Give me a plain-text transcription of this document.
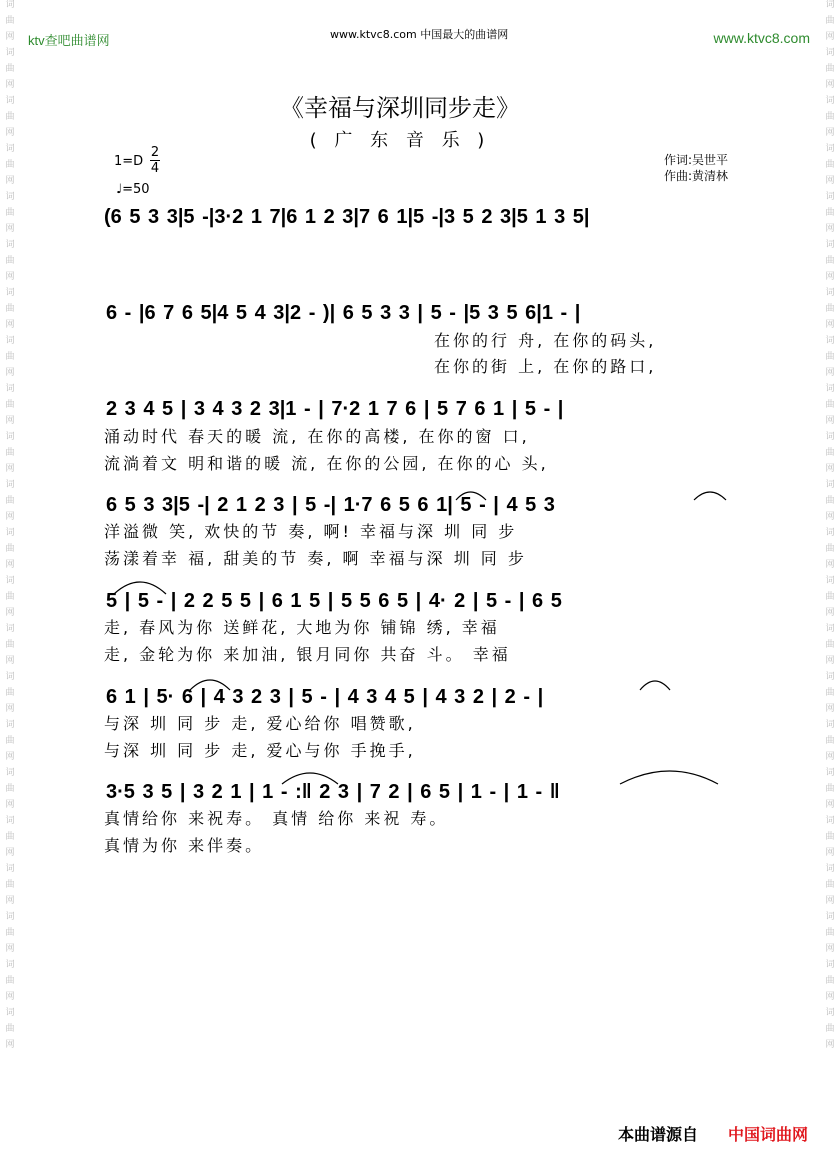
词
曲
网
词
曲
网
词
曲
网
词
曲
网
词
曲
网
词
曲
网
词
曲
网
词
曲
网
词
曲
网
词
曲
网
词
曲
网
词
曲
网
词
曲
网
词
曲
网
词
曲
网
词
曲
网
词
曲
网
词
曲
网
词
曲
网
词
曲
网
词
曲
网
词
曲
网
词
曲
网
词
曲
网
词
曲
网
词
曲
网
词
曲
网
词
曲
网
词
曲
网
词
曲
网
词
曲
网
词
曲
网
词
曲
网
词
曲
网
词
曲
网
词
曲
网
词
曲
网
词
曲
网
词
曲
网
词
曲
网
词
曲
网
词
曲
网
词
曲
网
词
曲
网
ktv查吧曲谱网	www.ktvc8.com 中国最大的曲谱网	www.ktvc8.com
《幸福与深圳同步走》
( 广 东 音 乐 )
1=D
2
4
♩=50
作词:吴世平
作曲:黄清林
(6 5 3 3|5 -|3·2 1 7|6 1 2 3|7 6 1|5 -|3 5 2 3|5 1 3 5|
6 - |6 7 6 5|4 5 4 3|2 - )| 6 5 3 3 | 5 - |5 3 5 6|1 - |
在你的行 舟, 在你的码头,
在你的街 上, 在你的路口,
2 3 4 5 | 3 4 3 2 3|1 - | 7·2 1 7 6 | 5 7 6 1 | 5 - |
涌动时代 春天的暖 流, 在你的高楼, 在你的窗 口,
流淌着文 明和谐的暖 流, 在你的公园, 在你的心 头,
6 5 3 3|5 -| 2 1 2 3 | 5 -| 1·7 6 5 6 1| 5 - | 4 5 3
洋溢微 笑, 欢快的节 奏, 啊! 幸福与深 圳 同 步
荡漾着幸 福, 甜美的节 奏, 啊 幸福与深 圳 同 步
5 | 5 - | 2 2 5 5 | 6 1 5 | 5 5 6 5 | 4· 2 | 5 - | 6 5
走, 春风为你 送鲜花, 大地为你 铺锦 绣, 幸福
走, 金轮为你 来加油, 银月同你 共奋 斗。 幸福
6 1 | 5· 6 | 4 3 2 3 | 5 - | 4 3 4 5 | 4 3 2 | 2 - |
与深 圳 同 步 走, 爱心给你 唱赞歌,
与深 圳 同 步 走, 爱心与你 手挽手,
3·5 3 5 | 3 2 1 | 1 - :‖ 2 3 | 7 2 | 6 5 | 1 - | 1 - ‖
真情给你 来祝寿。 真情 给你 来祝 寿。
真情为你 来伴奏。
本曲谱源自 中国词曲网
